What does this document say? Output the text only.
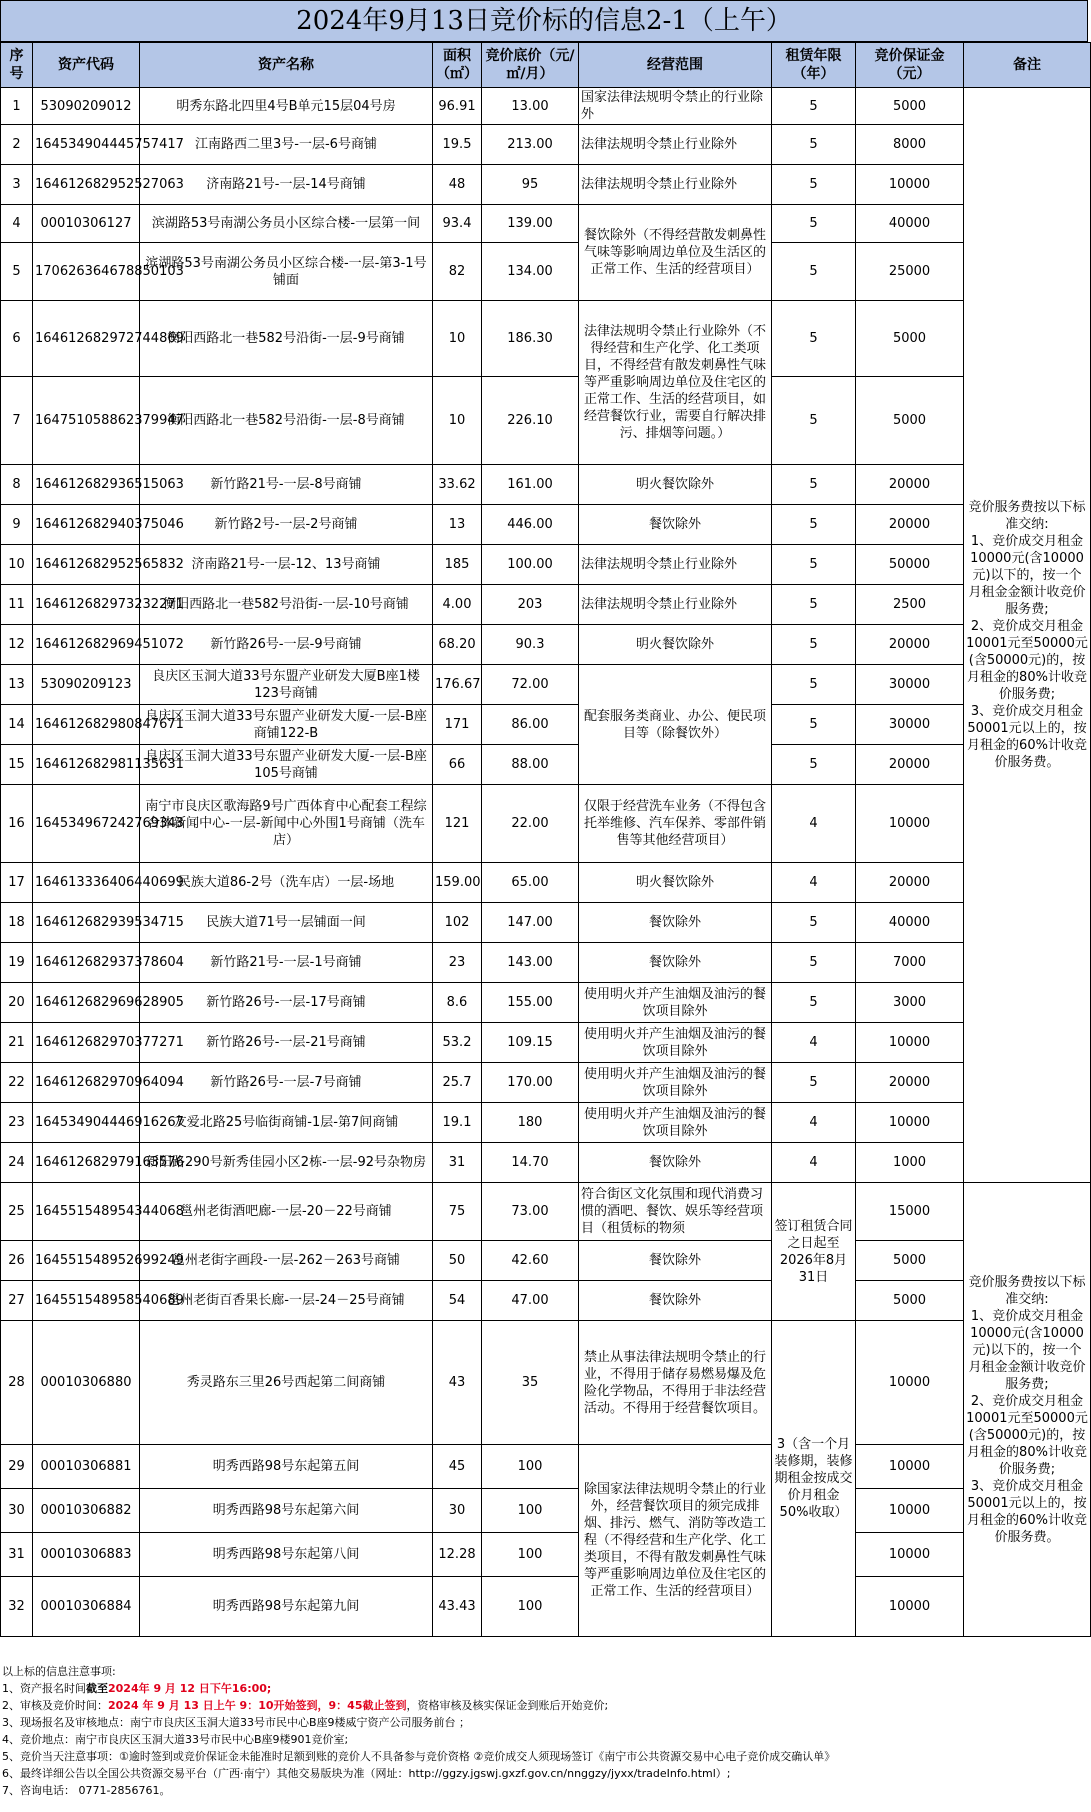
2024年9月13日竞价标的信息2-1（上午）
序号	资产代码	资产名称	面积（㎡）	竞价底价（元/㎡/月）	经营范围	租赁年限（年）	竞价保证金（元）	备注
1	53090209012	明秀东路北四里4号B单元15层04号房	96.91	13.00	国家法律法规明令禁止的行业除外	5	5000	竞价服务费按以下标准交纳:
1、竞价成交月租金10000元(含10000元)以下的，按一个月租金金额计收竞价服务费;
2、竞价成交月租金10001元至50000元(含50000元)的，按月租金的80%计收竞价服务费;
3、竞价成交月租金50001元以上的，按月租金的60%计收竞价服务费。
2	164534904445757417	江南路西二里3号-一层-6号商铺	19.5	213.00	法律法规明令禁止行业除外	5	8000	
3	164612682952527063	济南路21号-一层-14号商铺	48	95	法律法规明令禁止行业除外	5	10000	
4	00010306127	滨湖路53号南湖公务员小区综合楼-一层第一间	93.4	139.00	餐饮除外（不得经营散发刺鼻性气味等影响周边单位及生活区的正常工作、生活的经营项目）	5	40000	
5	170626364678850103	滨湖路53号南湖公务员小区综合楼-一层-第3-1号铺面	82	134.00		5	25000	
6	164612682972744869	衡阳西路北一巷582号沿街-一层-9号商铺	10	186.30	法律法规明令禁止行业除外（不得经营和生产化学、化工类项目，不得经营有散发刺鼻性气味等严重影响周边单位及住宅区的正常工作、生活的经营项目，如经营餐饮行业，需要自行解决排污、排烟等问题。）	5	5000	
7	164751058862379947	衡阳西路北一巷582号沿街-一层-8号商铺	10	226.10		5	5000	
8	164612682936515063	新竹路21号-一层-8号商铺	33.62	161.00	明火餐饮除外	5	20000	
9	164612682940375046	新竹路2号-一层-2号商铺	13	446.00	餐饮除外	5	20000	
10	164612682952565832	济南路21号-一层-12、13号商铺	185	100.00	法律法规明令禁止行业除外	5	50000	
11	164612682973232271	衡阳西路北一巷582号沿街-一层-10号商铺	4.00	203	法律法规明令禁止行业除外	5	2500	
12	164612682969451072	新竹路26号-一层-9号商铺	68.20	90.3	明火餐饮除外	5	20000	
13	53090209123	良庆区玉洞大道33号东盟产业研发大厦B座1楼123号商铺	176.67	72.00	配套服务类商业、办公、便民项目等（除餐饮外）	5	30000	
14	164612682980847671	良庆区玉洞大道33号东盟产业研发大厦-一层-B座商铺122-B	171	86.00		5	30000	
15	164612682981135631	良庆区玉洞大道33号东盟产业研发大厦-一层-B座105号商铺	66	88.00		5	20000	
16	164534967242769343	南宁市良庆区歌海路9号广西体育中心配套工程综合体新闻中心-一层-新闻中心外围1号商铺（洗车店）	121	22.00	仅限于经营洗车业务（不得包含托举维修、汽车保养、零部件销售等其他经营项目）	4	10000	
17	164613336406440699	民族大道86-2号（洗车店）一层-场地	159.00	65.00	明火餐饮除外	4	20000	
18	164612682939534715	民族大道71号一层铺面一间	102	147.00	餐饮除外	5	40000	
19	164612682937378604	新竹路21号-一层-1号商铺	23	143.00	餐饮除外	5	7000	
20	164612682969628905	新竹路26号-一层-17号商铺	8.6	155.00	使用明火并产生油烟及油污的餐饮项目除外	5	3000	
21	164612682970377271	新竹路26号-一层-21号商铺	53.2	109.15	使用明火并产生油烟及油污的餐饮项目除外	4	10000	
22	164612682970964094	新竹路26号-一层-7号商铺	25.7	170.00	使用明火并产生油烟及油污的餐饮项目除外	5	20000	
23	164534904446916267	友爱北路25号临街商铺-1层-第7间商铺	19.1	180	使用明火并产生油烟及油污的餐饮项目除外	4	10000	
24	164612682979163576	新阳路290号新秀佳园小区2栋-一层-92号杂物房	31	14.70	餐饮除外	4	1000	
25	164551548954344068	邕州老街酒吧廊-一层-20－22号商铺	75	73.00	符合街区文化氛围和现代消费习惯的酒吧、餐饮、娱乐等经营项目（租赁标的物须	签订租赁合同之日起至2026年8月31日	15000	竞价服务费按以下标准交纳:
1、竞价成交月租金10000元(含10000元)以下的，按一个月租金金额计收竞价服务费;
2、竞价成交月租金10001元至50000元(含50000元)的，按月租金的80%计收竞价服务费;
3、竞价成交月租金50001元以上的，按月租金的60%计收竞价服务费。
26	164551548952699249	邕州老街字画段-一层-262－263号商铺	50	42.60	餐饮除外		5000	
27	164551548958540689	邕州老街百香果长廊-一层-24－25号商铺	54	47.00	餐饮除外		5000	
28	00010306880	秀灵路东三里26号西起第二间商铺	43	35	禁止从事法律法规明令禁止的行业，不得用于储存易燃易爆及危险化学物品，不得用于非法经营活动。不得用于经营餐饮项目。	3（含一个月装修期，装修期租金按成交价月租金50%收取）	10000	
29	00010306881	明秀西路98号东起第五间	45	100	除国家法律法规明令禁止的行业外，经营餐饮项目的须完成排烟、排污、燃气、消防等改造工程（不得经营和生产化学、化工类项目，不得有散发刺鼻性气味等严重影响周边单位及住宅区的正常工作、生活的经营项目）		10000	
30	00010306882	明秀西路98号东起第六间	30	100			10000	
31	00010306883	明秀西路98号东起第八间	12.28	100			10000	
32	00010306884	明秀西路98号东起第九间	43.43	100			10000	
以上标的信息注意事项:
1、资产报名时间截至2024年 9 月 12 日下午16:00;
2、审核及竞价时间：2024 年 9 月 13 日上午 9：10开始签到，9：45截止签到，资格审核及核实保证金到账后开始竞价;
3、现场报名及审核地点：南宁市良庆区玉洞大道33号市民中心B座9楼威宁资产公司服务前台 ；
4、竞价地点：南宁市良庆区玉洞大道33号市民中心B座9楼901竞价室;
5、竞价当天注意事项：①逾时签到或竞价保证金未能准时足额到账的竞价人不具备参与竞价资格 ②竞价成交人须现场签订《南宁市公共资源交易中心电子竞价成交确认单》
6、最终详细公告以全国公共资源交易平台（广西·南宁）其他交易版块为准（网址：http://ggzy.jgswj.gxzf.gov.cn/nnggzy/jyxx/tradeInfo.html）;
7、咨询电话： 0771-2856761。
